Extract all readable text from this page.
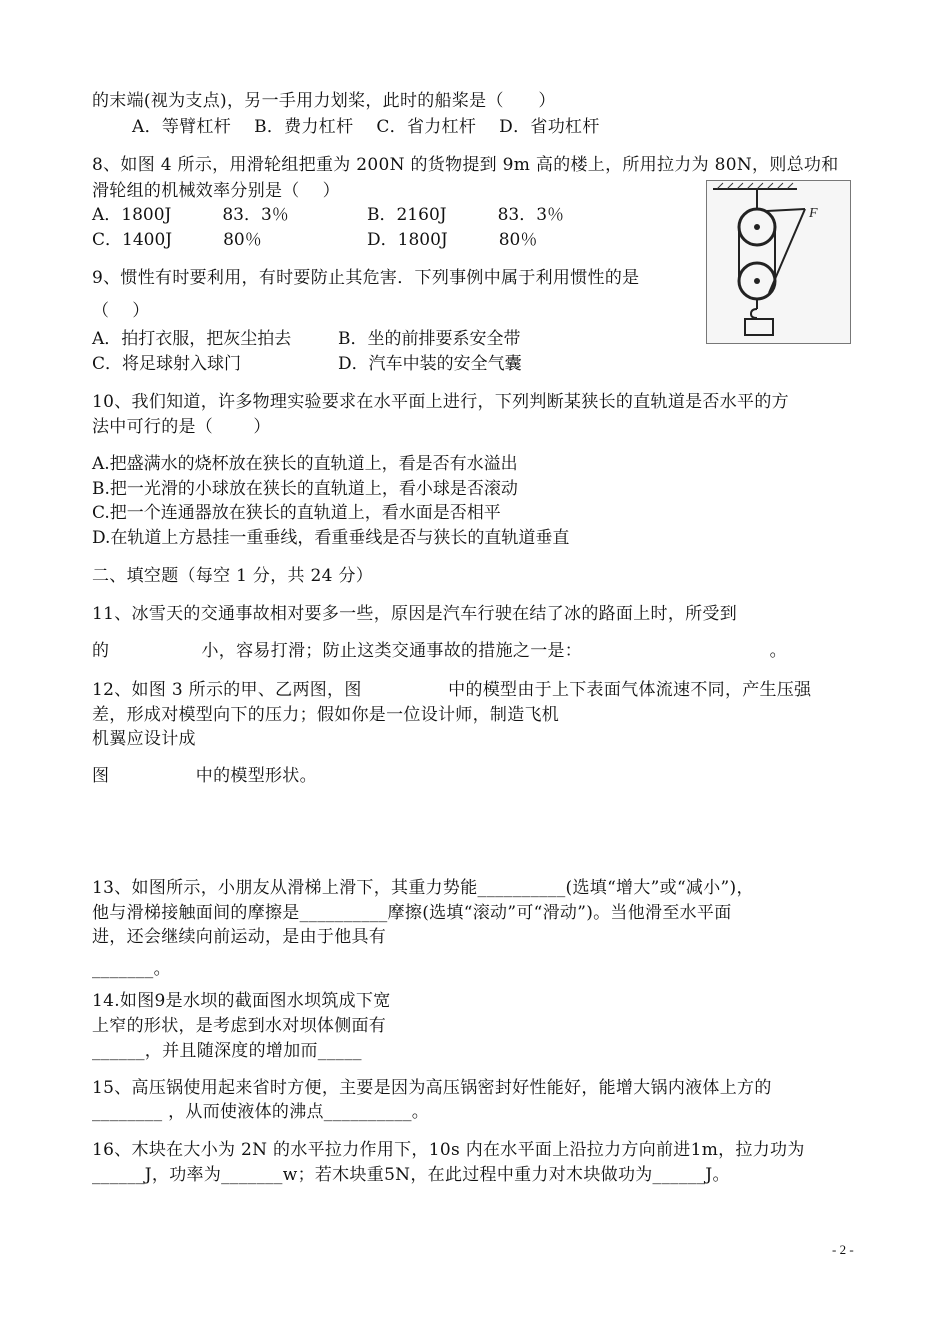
的末端(视为支点)，另一手用力划桨，此时的船桨是（　　）
A．等臂杠杆　 B．费力杠杆　 C．省力杠杆　 D．省功杠杆
8、如图 4 所示，用滑轮组把重为 200N 的货物提到 9m 高的楼上，所用拉力为 80N，则总功和
滑轮组的机械效率分别是（　 ）
A．1800J　　　83．3％	B．2160J　　　83．3％
C．1400J　　　80％	D．1800J　　　80％
F
9、惯性有时要利用，有时要防止其危害．下列事例中属于利用惯性的是
（　 ）
A．拍打衣服，把灰尘拍去	B．坐的前排要系安全带
C．将足球射入球门	D．汽车中装的安全气囊
10、我们知道，许多物理实验要求在水平面上进行，下列判断某狭长的直轨道是否水平的方
法中可行的是（　　 ）
A.把盛满水的烧杯放在狭长的直轨道上，看是否有水溢出
B.把一光滑的小球放在狭长的直轨道上，看小球是否滚动
C.把一个连通器放在狭长的直轨道上，看水面是否相平
D.在轨道上方悬挂一重垂线，看重垂线是否与狭长的直轨道垂直
二、填空题（每空 1 分，共 24 分）
11、冰雪天的交通事故相对要多一些，原因是汽车行驶在结了冰的路面上时，所受到
的　　　　　 小，容易打滑；防止这类交通事故的措施之一是：　　　　　　　　　　　 。
12、如图 3 所示的甲、乙两图，图　　　　　中的模型由于上下表面气体流速不同，产生压强
差，形成对模型向下的压力；假如你是一位设计师，制造飞机
机翼应设计成
图　　　　　中的模型形状。
13、如图所示，小朋友从滑梯上滑下，其重力势能__________(选填“增大”或“减小”)，
他与滑梯接触面间的摩擦是__________摩擦(选填“滚动”可“滑动”)。当他滑至水平面
进，还会继续向前运动，是由于他具有
_______。
14.如图9是水坝的截面图水坝筑成下宽
上窄的形状，是考虑到水对坝体侧面有
______，并且随深度的增加而_____
15、高压锅使用起来省时方便，主要是因为高压锅密封好性能好，能增大锅内液体上方的
________ ，从而使液体的沸点__________。
16、木块在大小为 2N 的水平拉力作用下，10s 内在水平面上沿拉力方向前进1m，拉力功为
______J，功率为_______w；若木块重5N，在此过程中重力对木块做功为______J。
- 2 -
